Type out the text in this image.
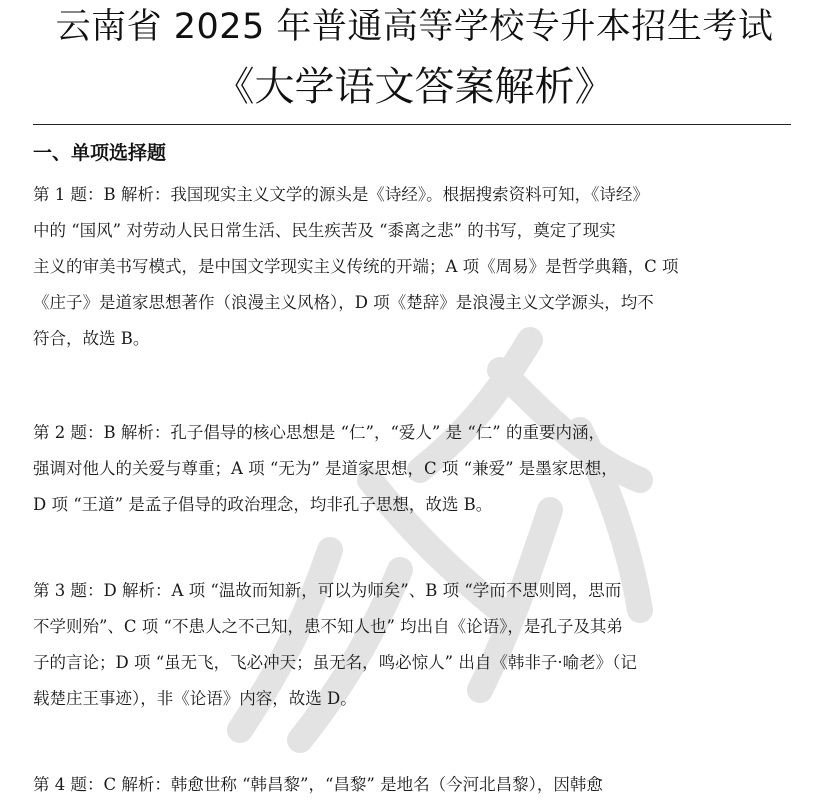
云南省 2025 年普通高等学校专升本招生考试
《大学语文答案解析》
一、单项选择题
第 1 题：B 解析：我国现实主义文学的源头是《诗经》。根据搜索资料可知，《诗经》
中的 “国风” 对劳动人民日常生活、民生疾苦及 “黍离之悲” 的书写，奠定了现实
主义的审美书写模式，是中国文学现实主义传统的开端；A 项《周易》是哲学典籍，C 项
《庄子》是道家思想著作（浪漫主义风格），D 项《楚辞》是浪漫主义文学源头，均不
符合，故选 B。
第 2 题：B 解析：孔子倡导的核心思想是 “仁”，“爱人” 是 “仁” 的重要内涵，
强调对他人的关爱与尊重；A 项 “无为” 是道家思想，C 项 “兼爱” 是墨家思想，
D 项 “王道” 是孟子倡导的政治理念，均非孔子思想，故选 B。
第 3 题：D 解析：A 项 “温故而知新，可以为师矣”、B 项 “学而不思则罔，思而
不学则殆”、C 项 “不患人之不己知，患不知人也” 均出自《论语》，是孔子及其弟
子的言论；D 项 “虽无飞，飞必冲天；虽无名，鸣必惊人” 出自《韩非子·喻老》（记
载楚庄王事迹），非《论语》内容，故选 D。
第 4 题：C 解析：韩愈世称 “韩昌黎”，“昌黎” 是地名（今河北昌黎），因韩愈
